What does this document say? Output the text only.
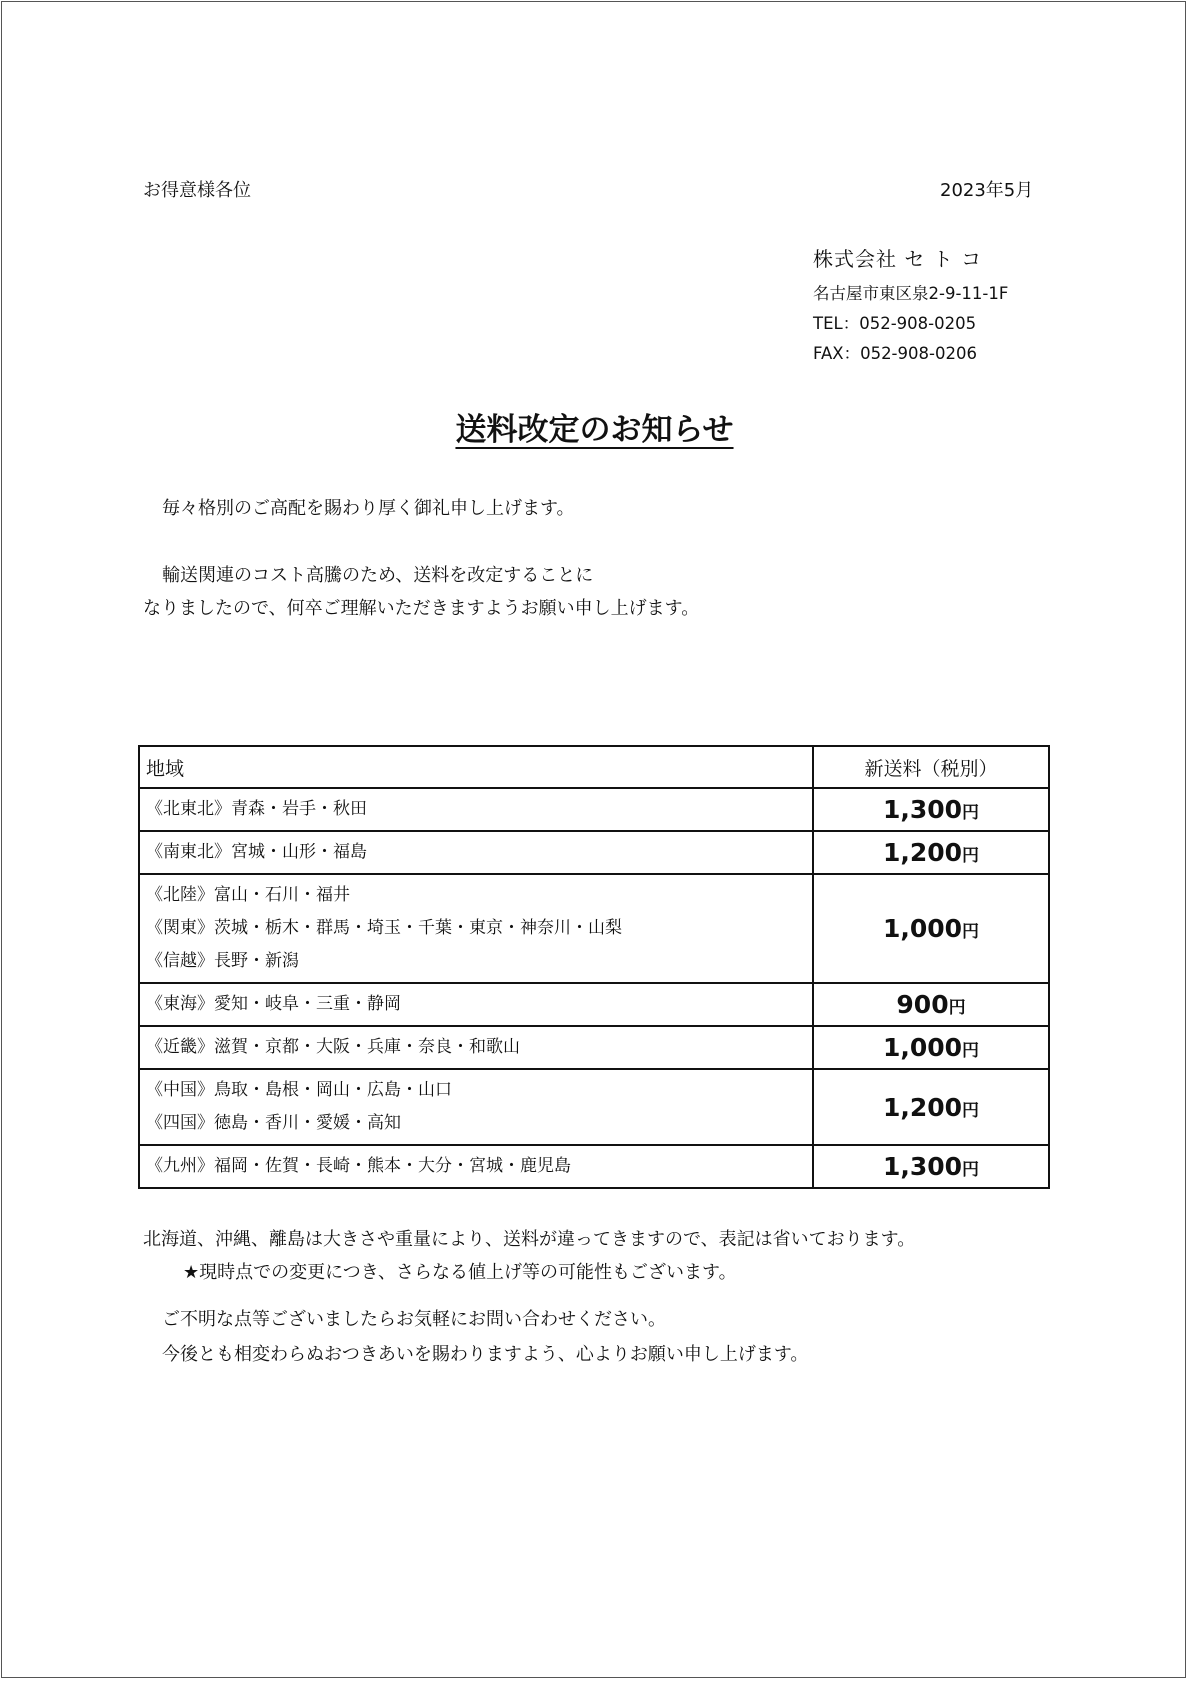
お得意様各位	2023年5月
株式会社 セ ト コ
名古屋市東区泉2-9-11-1F
TEL：052-908-0205
FAX：052-908-0206
送料改定のお知らせ
毎々格別のご高配を賜わり厚く御礼申し上げます。
輸送関連のコスト高騰のため、送料を改定することに
なりましたので、何卒ご理解いただきますようお願い申し上げます。
地域	新送料（税別）

《北東北》青森・岩手・秋田	1,300円

《南東北》宮城・山形・福島	1,200円

《北陸》富山・石川・福井
《関東》茨城・栃木・群馬・埼玉・千葉・東京・神奈川・山梨
《信越》長野・新潟	1,000円

《東海》愛知・岐阜・三重・静岡	900円

《近畿》滋賀・京都・大阪・兵庫・奈良・和歌山	1,000円

《中国》鳥取・島根・岡山・広島・山口
《四国》徳島・香川・愛媛・高知	1,200円

《九州》福岡・佐賀・長崎・熊本・大分・宮城・鹿児島	1,300円
北海道、沖縄、離島は大きさや重量により、送料が違ってきますので、表記は省いております。
★現時点での変更につき、さらなる値上げ等の可能性もございます。
ご不明な点等ございましたらお気軽にお問い合わせください。
今後とも相変わらぬおつきあいを賜わりますよう、心よりお願い申し上げます。
